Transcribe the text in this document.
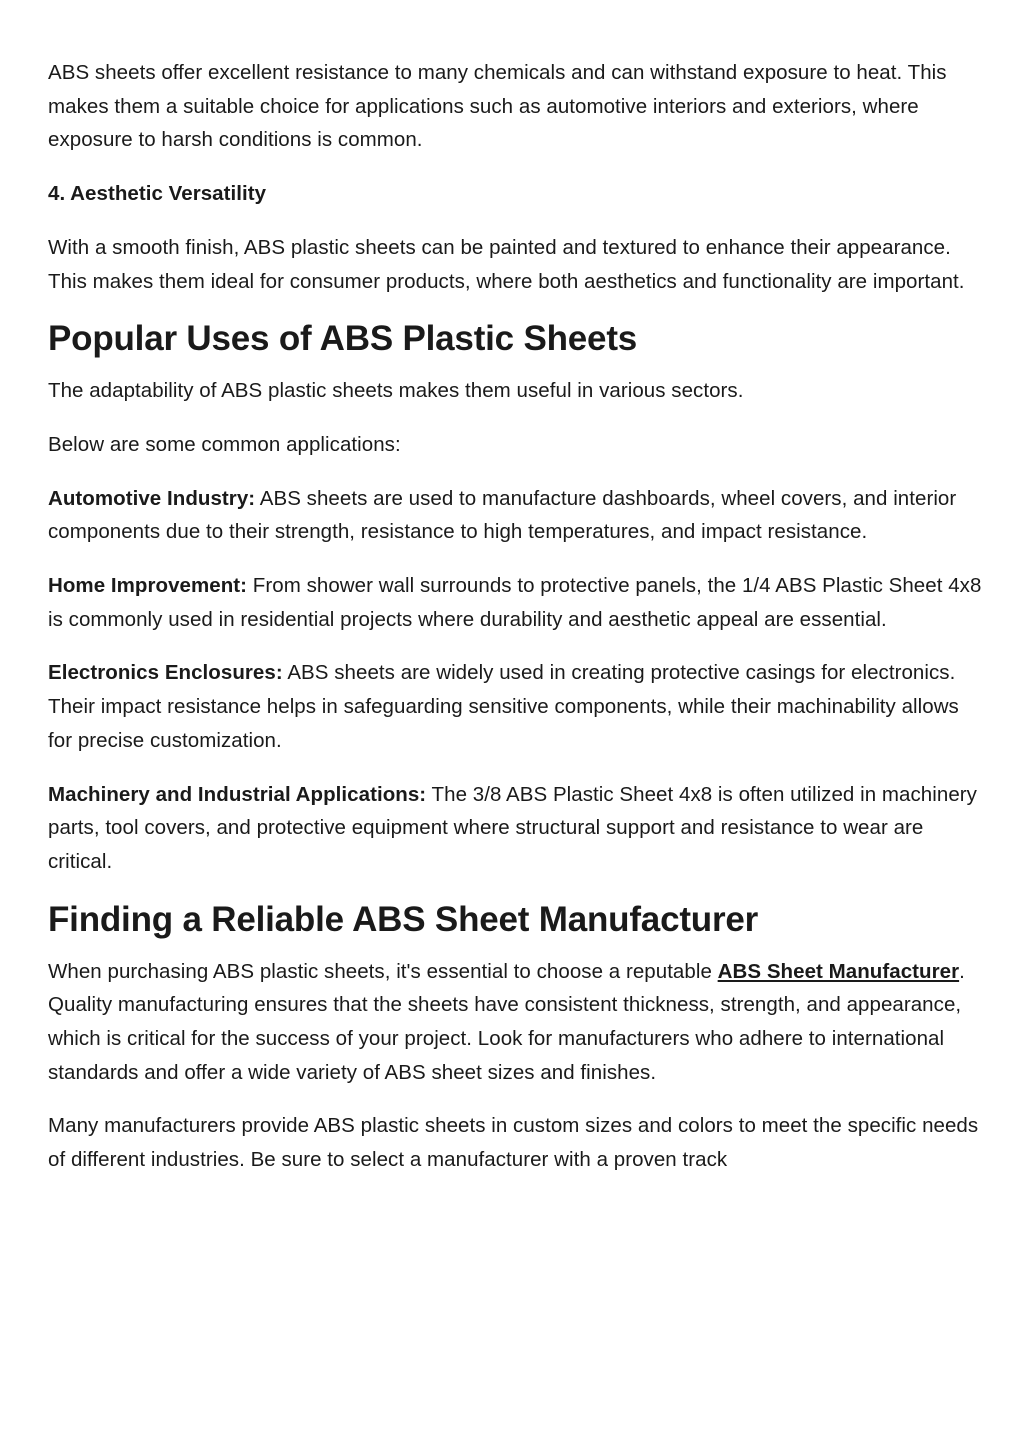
ABS sheets offer excellent resistance to many chemicals and can withstand exposure to heat. This makes them a suitable choice for applications such as automotive interiors and exteriors, where exposure to harsh conditions is common.

4. Aesthetic Versatility

With a smooth finish, ABS plastic sheets can be painted and textured to enhance their appearance. This makes them ideal for consumer products, where both aesthetics and functionality are important.

Popular Uses of ABS Plastic Sheets

The adaptability of ABS plastic sheets makes them useful in various sectors.

Below are some common applications:

Automotive Industry: ABS sheets are used to manufacture dashboards, wheel covers, and interior components due to their strength, resistance to high temperatures, and impact resistance.

Home Improvement: From shower wall surrounds to protective panels, the 1/4 ABS Plastic Sheet 4x8 is commonly used in residential projects where durability and aesthetic appeal are essential.

Electronics Enclosures: ABS sheets are widely used in creating protective casings for electronics. Their impact resistance helps in safeguarding sensitive components, while their machinability allows for precise customization.

Machinery and Industrial Applications: The 3/8 ABS Plastic Sheet 4x8 is often utilized in machinery parts, tool covers, and protective equipment where structural support and resistance to wear are critical.

Finding a Reliable ABS Sheet Manufacturer

When purchasing ABS plastic sheets, it's essential to choose a reputable ABS Sheet Manufacturer. Quality manufacturing ensures that the sheets have consistent thickness, strength, and appearance, which is critical for the success of your project. Look for manufacturers who adhere to international standards and offer a wide variety of ABS sheet sizes and finishes.

Many manufacturers provide ABS plastic sheets in custom sizes and colors to meet the specific needs of different industries. Be sure to select a manufacturer with a proven track
